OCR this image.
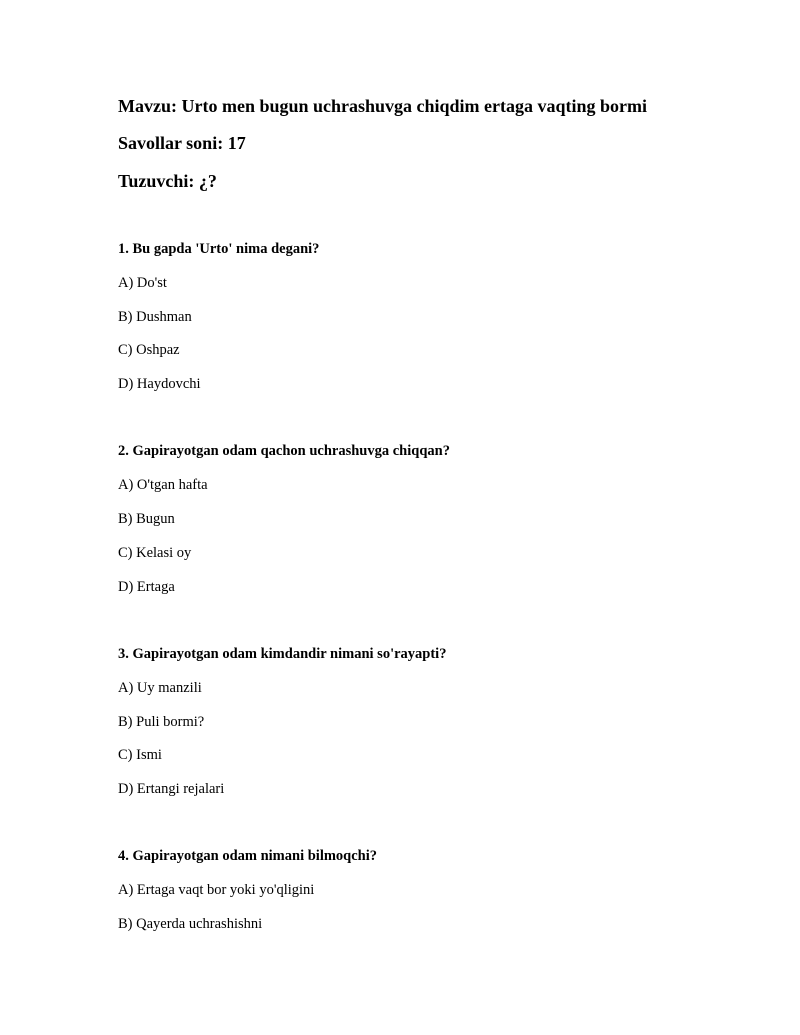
Mavzu: Urto men bugun uchrashuvga chiqdim ertaga vaqting bormi
Savollar soni: 17
Tuzuvchi: ¿?
1. Bu gapda 'Urto' nima degani?
A) Do'st
B) Dushman
C) Oshpaz
D) Haydovchi
2. Gapirayotgan odam qachon uchrashuvga chiqqan?
A) O'tgan hafta
B) Bugun
C) Kelasi oy
D) Ertaga
3. Gapirayotgan odam kimdandir nimani so'rayapti?
A) Uy manzili
B) Puli bormi?
C) Ismi
D) Ertangi rejalari
4. Gapirayotgan odam nimani bilmoqchi?
A) Ertaga vaqt bor yoki yo'qligini
B) Qayerda uchrashishni
